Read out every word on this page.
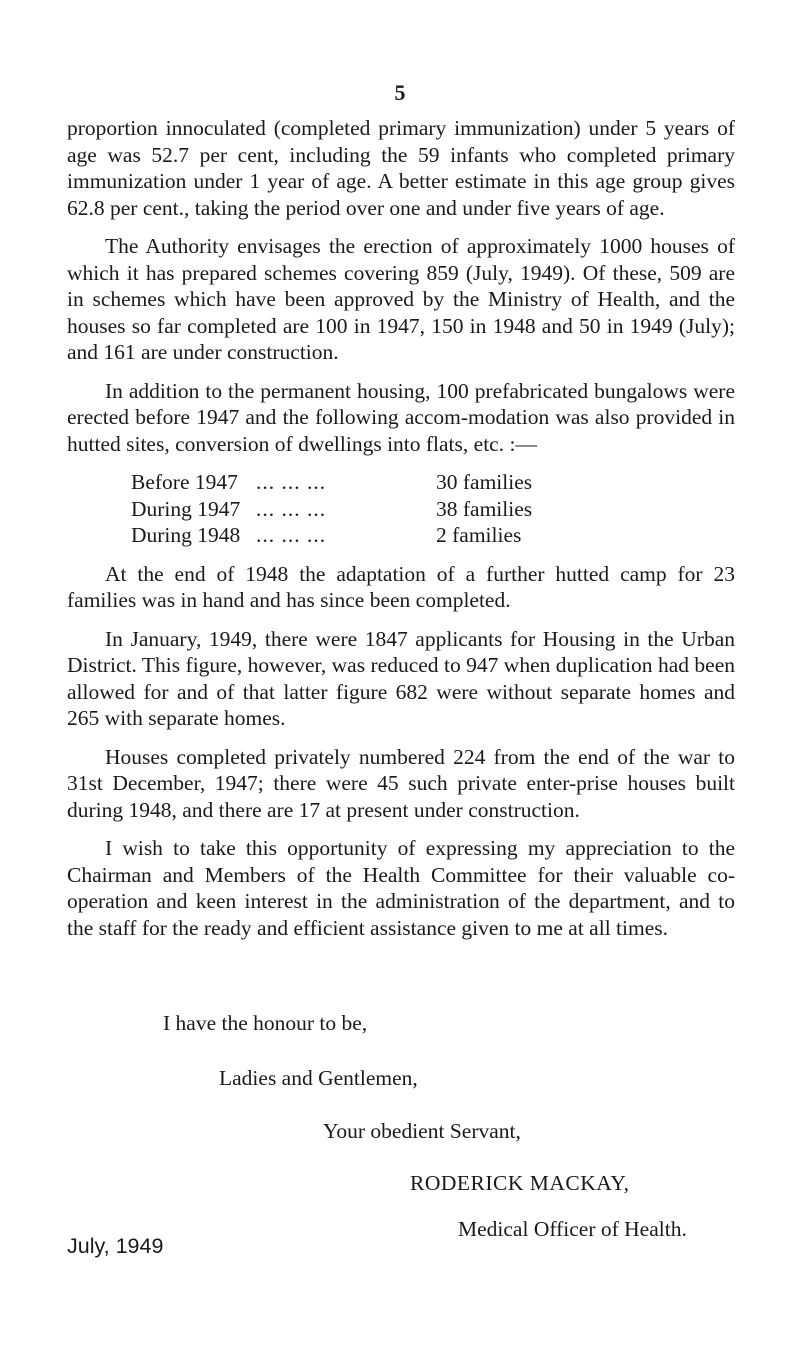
5

proportion innoculated (completed primary immunization) under 5 years of age was 52.7 per cent, including the 59 infants who completed primary immunization under 1 year of age. A better estimate in this age group gives 62.8 per cent., taking the period over one and under five years of age.

The Authority envisages the erection of approximately 1000 houses of which it has prepared schemes covering 859 (July, 1949). Of these, 509 are in schemes which have been approved by the Ministry of Health, and the houses so far completed are 100 in 1947, 150 in 1948 and 50 in 1949 (July); and 161 are under construction.

In addition to the permanent housing, 100 prefabricated bungalows were erected before 1947 and the following accom-modation was also provided in hutted sites, conversion of dwellings into flats, etc. :—

Before 1947 ... ... ...	30 families
During 1947 ... ... ...	38 families
During 1948 ... ... ...	2 families

At the end of 1948 the adaptation of a further hutted camp for 23 families was in hand and has since been completed.

In January, 1949, there were 1847 applicants for Housing in the Urban District. This figure, however, was reduced to 947 when duplication had been allowed for and of that latter figure 682 were without separate homes and 265 with separate homes.

Houses completed privately numbered 224 from the end of the war to 31st December, 1947; there were 45 such private enter-prise houses built during 1948, and there are 17 at present under construction.

I wish to take this opportunity of expressing my appreciation to the Chairman and Members of the Health Committee for their valuable co-operation and keen interest in the administration of the department, and to the staff for the ready and efficient assistance given to me at all times.

I have the honour to be,
Ladies and Gentlemen,
Your obedient Servant,
RODERICK MACKAY,
Medical Officer of Health.
July, 1949
